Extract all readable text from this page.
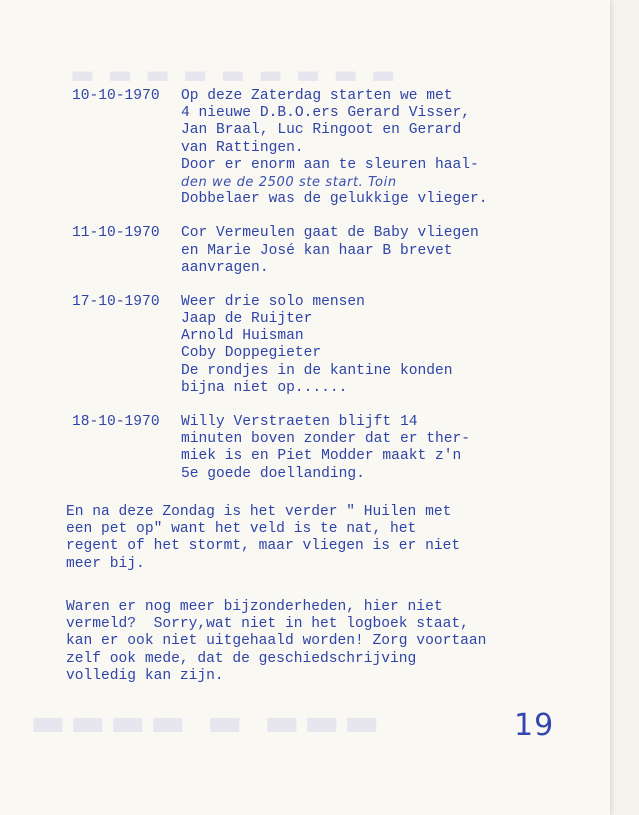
▬ ▬ ▬ ▬ ▬ ▬ ▬ ▬ ▬
▬▬▬▬ ▬ ▬▬▬
10-10-1970	Op deze Zaterdag starten we met
4 nieuwe D.B.O.ers Gerard Visser,
Jan Braal, Luc Ringoot en Gerard
van Rattingen.
Door er enorm aan te sleuren haal-
den we de 2500 ste start. Toin
Dobbelaer was de gelukkige vlieger.
11-10-1970	Cor Vermeulen gaat de Baby vliegen
en Marie José kan haar B brevet
aanvragen.
17-10-1970	Weer drie solo mensen
Jaap de Ruijter
Arnold Huisman
Coby Doppegieter
De rondjes in de kantine konden
bijna niet op......
18-10-1970	Willy Verstraeten blijft 14
minuten boven zonder dat er ther-
miek is en Piet Modder maakt z'n
5e goede doellanding.
En na deze Zondag is het verder " Huilen met
een pet op" want het veld is te nat, het
regent of het stormt, maar vliegen is er niet
meer bij.
Waren er nog meer bijzonderheden, hier niet
vermeld?  Sorry,wat niet in het logboek staat,
kan er ook niet uitgehaald worden! Zorg voortaan
zelf ook mede, dat de geschiedschrijving
volledig kan zijn.
19
